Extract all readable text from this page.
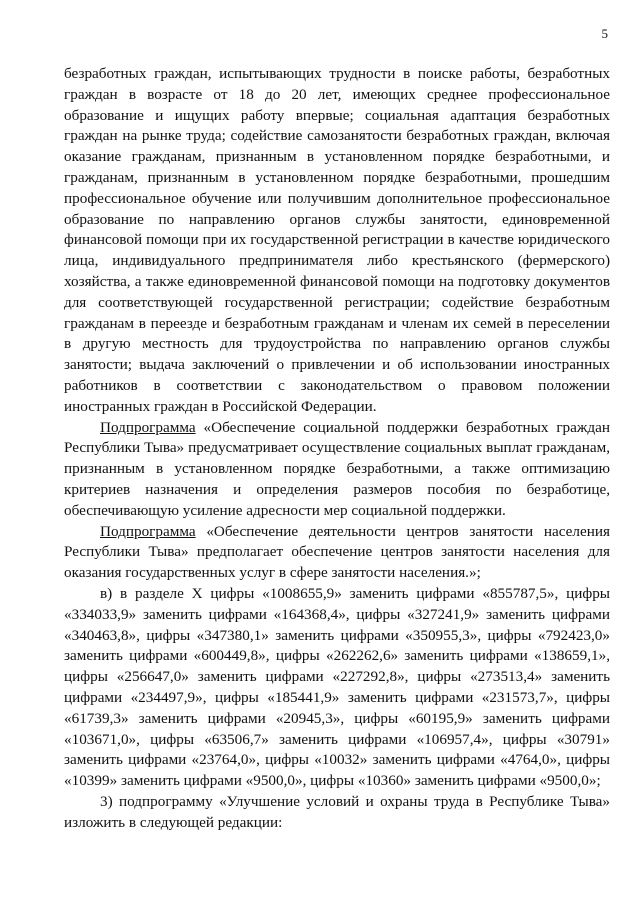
5

безработных граждан, испытывающих трудности в поиске работы, безработных граждан в возрасте от 18 до 20 лет, имеющих среднее профессиональное образование и ищущих работу впервые; социальная адаптация безработных граждан на рынке труда; содействие самозанятости безработных граждан, включая оказание гражданам, признанным в установленном порядке безработными, и гражданам, признанным в установленном порядке безработными, прошедшим профессиональное обучение или получившим дополнительное профессиональное образование по направлению органов службы занятости, единовременной финансовой помощи при их государственной регистрации в качестве юридического лица, индивидуального предпринимателя либо крестьянского (фермерского) хозяйства, а также единовременной финансовой помощи на подготовку документов для соответствующей государственной регистрации; содействие безработным гражданам в переезде и безработным гражданам и членам их семей в переселении в другую местность для трудоустройства по направлению органов службы занятости; выдача заключений о привлечении и об использовании иностранных работников в соответствии с законодательством о правовом положении иностранных граждан в Российской Федерации.

Подпрограмма «Обеспечение социальной поддержки безработных граждан Республики Тыва» предусматривает осуществление социальных выплат гражданам, признанным в установленном порядке безработными, а также оптимизацию критериев назначения и определения размеров пособия по безработице, обеспечивающую усиление адресности мер социальной поддержки.

Подпрограмма «Обеспечение деятельности центров занятости населения Республики Тыва» предполагает обеспечение центров занятости населения для оказания государственных услуг в сфере занятости населения.»;

в) в разделе X цифры «1008655,9» заменить цифрами «855787,5», цифры «334033,9» заменить цифрами «164368,4», цифры «327241,9» заменить цифрами «340463,8», цифры «347380,1» заменить цифрами «350955,3», цифры «792423,0» заменить цифрами «600449,8», цифры «262262,6» заменить цифрами «138659,1», цифры «256647,0» заменить цифрами «227292,8», цифры «273513,4» заменить цифрами «234497,9», цифры «185441,9» заменить цифрами «231573,7», цифры «61739,3» заменить цифрами «20945,3», цифры «60195,9» заменить цифрами «103671,0», цифры «63506,7» заменить цифрами «106957,4», цифры «30791» заменить цифрами «23764,0», цифры «10032» заменить цифрами «4764,0», цифры «10399» заменить цифрами «9500,0», цифры «10360» заменить цифрами «9500,0»;

3) подпрограмму «Улучшение условий и охраны труда в Республике Тыва» изложить в следующей редакции:
